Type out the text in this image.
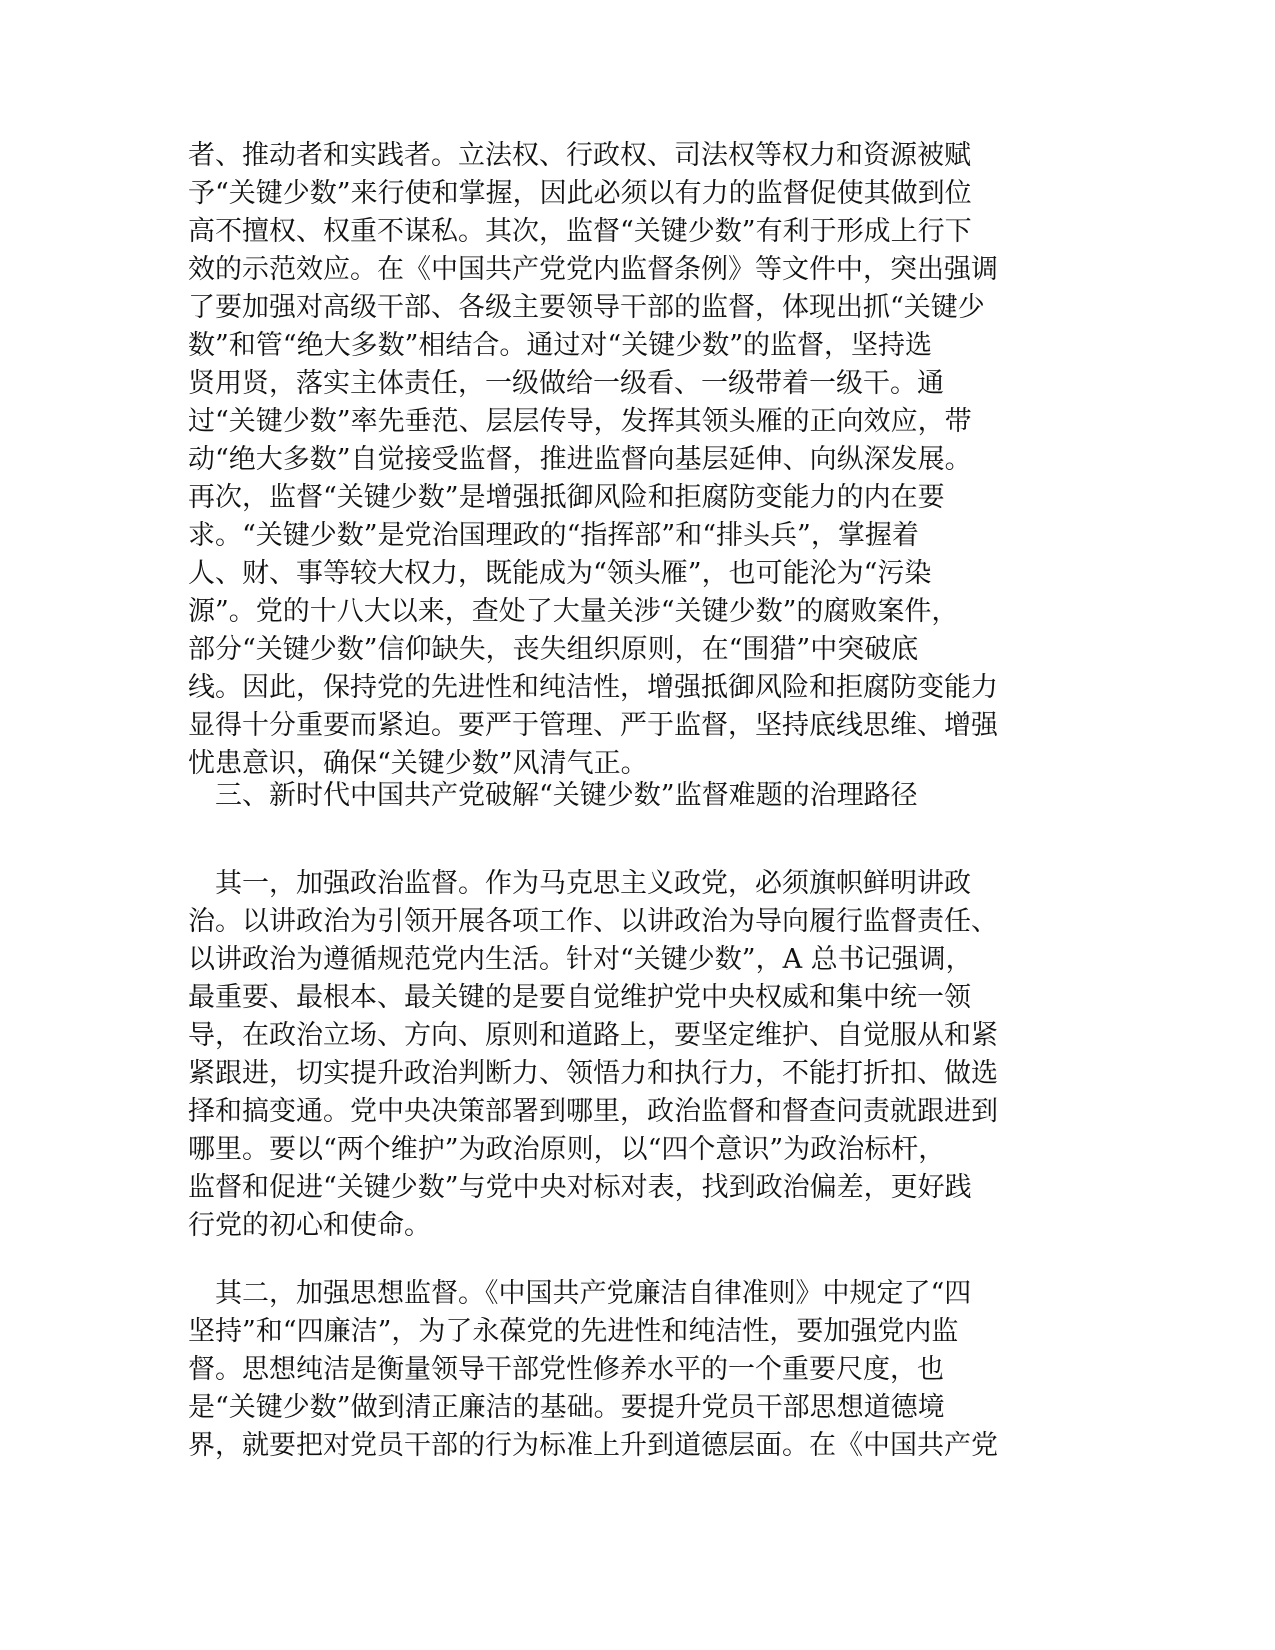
者、推动者和实践者。立法权、行政权、司法权等权力和资源被赋
予“关键少数”来行使和掌握，因此必须以有力的监督促使其做到位
高不擅权、权重不谋私。其次，监督“关键少数”有利于形成上行下
效的示范效应。在《中国共产党党内监督条例》等文件中，突出强调
了要加强对高级干部、各级主要领导干部的监督，体现出抓“关键少
数”和管“绝大多数”相结合。通过对“关键少数”的监督，坚持选
贤用贤，落实主体责任，一级做给一级看、一级带着一级干。通
过“关键少数”率先垂范、层层传导，发挥其领头雁的正向效应，带
动“绝大多数”自觉接受监督，推进监督向基层延伸、向纵深发展。
再次，监督“关键少数”是增强抵御风险和拒腐防变能力的内在要
求。“关键少数”是党治国理政的“指挥部”和“排头兵”，掌握着
人、财、事等较大权力，既能成为“领头雁”，也可能沦为“污染
源”。党的十八大以来，查处了大量关涉“关键少数”的腐败案件，
部分“关键少数”信仰缺失，丧失组织原则，在“围猎”中突破底
线。因此，保持党的先进性和纯洁性，增强抵御风险和拒腐防变能力
显得十分重要而紧迫。要严于管理、严于监督，坚持底线思维、增强
忧患意识，确保“关键少数”风清气正。
　三、新时代中国共产党破解“关键少数”监督难题的治理路径
　其一，加强政治监督。作为马克思主义政党，必须旗帜鲜明讲政
治。以讲政治为引领开展各项工作、以讲政治为导向履行监督责任、
以讲政治为遵循规范党内生活。针对“关键少数”，A 总书记强调，
最重要、最根本、最关键的是要自觉维护党中央权威和集中统一领
导，在政治立场、方向、原则和道路上，要坚定维护、自觉服从和紧
紧跟进，切实提升政治判断力、领悟力和执行力，不能打折扣、做选
择和搞变通。党中央决策部署到哪里，政治监督和督查问责就跟进到
哪里。要以“两个维护”为政治原则，以“四个意识”为政治标杆，
监督和促进“关键少数”与党中央对标对表，找到政治偏差，更好践
行党的初心和使命。
　其二，加强思想监督。《中国共产党廉洁自律准则》中规定了“四
坚持”和“四廉洁”，为了永葆党的先进性和纯洁性，要加强党内监
督。思想纯洁是衡量领导干部党性修养水平的一个重要尺度，也
是“关键少数”做到清正廉洁的基础。要提升党员干部思想道德境
界，就要把对党员干部的行为标准上升到道德层面。在《中国共产党
